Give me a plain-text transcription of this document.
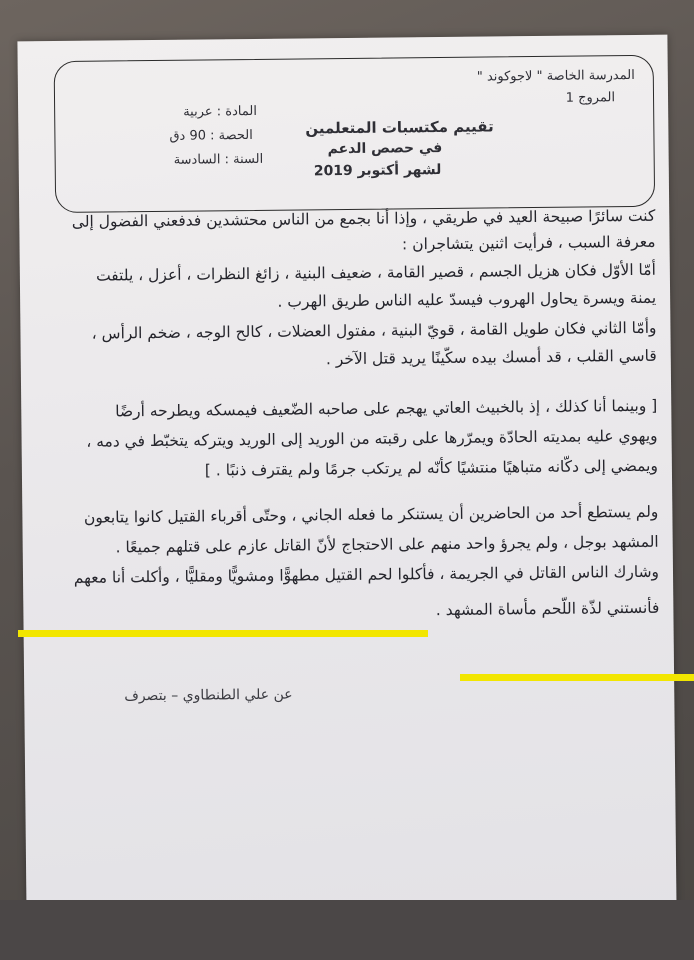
المدرسة الخاصة " لاجوكوند "
المروج 1
تقييم مكتسبات المتعلمين
في حصص الدعم
لشهر أكتوبر 2019
المادة : عربية
الحصة : 90 دق
السنة : السادسة
كنت سائرًا صبيحة العيد في طريقي ، وإذا أنا بجمع من الناس محتشدين فدفعني الفضول إلى
معرفة السبب ، فرأيت اثنين يتشاجران :
أمّا الأوّل فكان هزيل الجسم ، قصير القامة ، ضعيف البنية ، زائغ النظرات ، أعزل ، يلتفت
يمنة ويسرة يحاول الهروب فيسدّ عليه الناس طريق الهرب .
وأمّا الثاني فكان طويل القامة ، قويّ البنية ، مفتول العضلات ، كالح الوجه ، ضخم الرأس ،
قاسي القلب ، قد أمسك بيده سكّينًا يريد قتل الآخر .
[ وبينما أنا كذلك ، إذ بالخبيث العاتي يهجم على صاحبه الضّعيف فيمسكه ويطرحه أرضًا
ويهوي عليه بمديته الحادّة ويمرّرها على رقبته من الوريد إلى الوريد ويتركه يتخبّط في دمه ،
ويمضي إلى دكّانه متباهيًا منتشيًا كأنّه لم يرتكب جرمًا ولم يقترف ذنبًا . ]
ولم يستطع أحد من الحاضرين أن يستنكر ما فعله الجاني ، وحتّى أقرباء القتيل كانوا يتابعون
المشهد بوجل ، ولم يجرؤ واحد منهم على الاحتجاج لأنّ القاتل عازم على قتلهم جميعًا .
وشارك الناس القاتل في الجريمة ، فأكلوا لحم القتيل مطهوًّا ومشويًّا ومقليًّا ، وأكلت أنا معهم
فأنستني لذّة اللّحم مأساة المشهد .
عن علي الطنطاوي – بتصرف
